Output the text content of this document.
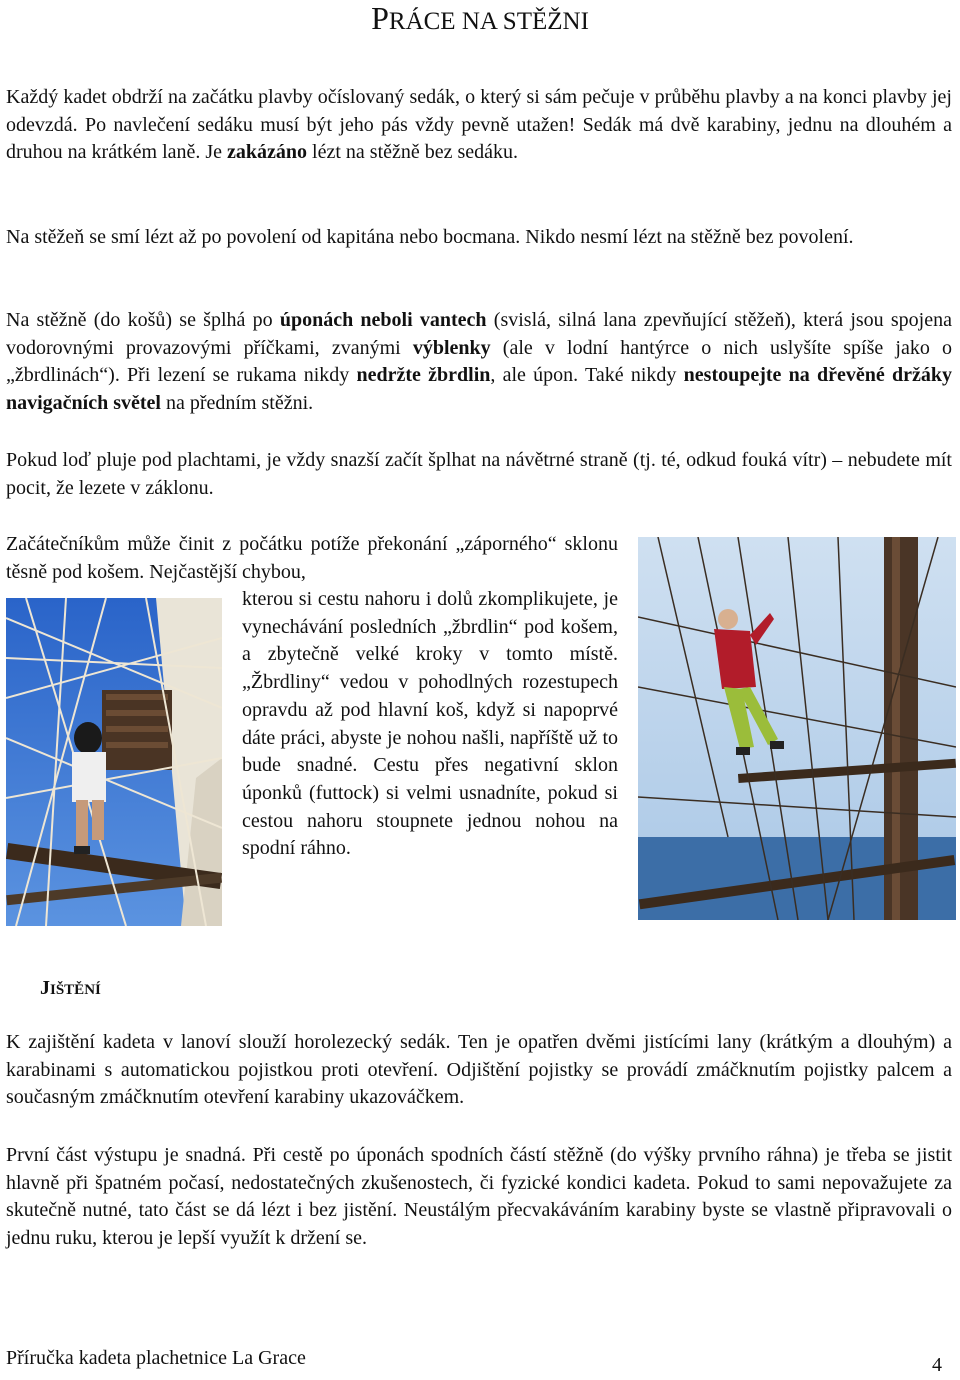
PRÁCE NA STĚŽNI

Každý kadet obdrží na začátku plavby očíslovaný sedák, o který si sám pečuje v průběhu plavby a na konci plavby jej odevzdá. Po navlečení sedáku musí být jeho pás vždy pevně utažen! Sedák má dvě karabiny, jednu na dlouhém a druhou na krátkém laně. Je zakázáno lézt na stěžně bez sedáku.

Na stěžeň se smí lézt až po povolení od kapitána nebo bocmana. Nikdo nesmí lézt na stěžně bez povolení.

Na stěžně (do košů) se šplhá po úponách neboli vantech (svislá, silná lana zpevňující stěžeň), která jsou spojena vodorovnými provazovými příčkami, zvanými výblenky (ale v lodní hantýrce o nich uslyšíte spíše jako o „žbrdlinách“). Při lezení se rukama nikdy nedržte žbrdlin, ale úpon. Také nikdy nestoupejte na dřevěné držáky navigačních světel na předním stěžni.

Pokud loď pluje pod plachtami, je vždy snazší začít šplhat na návětrné straně (tj. té, odkud fouká vítr) – nebudete mít pocit, že lezete v záklonu.

Začátečníkům může činit z počátku potíže překonání „záporného“ sklonu těsně pod košem. Nejčastější chybou,

kterou si cestu nahoru i dolů zkomplikujete, je vynechávání posledních „žbrdlin“ pod košem, a zbytečně velké kroky v tomto místě. „Žbrdliny“ vedou v pohodlných rozestupech opravdu až pod hlavní koš, když si napoprvé dáte práci, abyste je nohou našli, napříště už to bude snadné. Cestu přes negativní sklon úponků (futtock) si velmi usnadníte, pokud si cestou nahoru stoupnete jednou nohou na spodní ráhno.

JIŠTĚNÍ

K zajištění kadeta v lanoví slouží horolezecký sedák. Ten je opatřen dvěmi jistícími lany (krátkým a dlouhým) a karabinami s automatickou pojistkou proti otevření. Odjištění pojistky se provádí zmáčknutím pojistky palcem a současným zmáčknutím otevření karabiny ukazováčkem.

První část výstupu je snadná. Při cestě po úponách spodních částí stěžně (do výšky prvního ráhna) je třeba se jistit hlavně při špatném počasí, nedostatečných zkušenostech, či fyzické kondici kadeta. Pokud to sami nepovažujete za skutečně nutné, tato část se dá lézt i bez jistění. Neustálým přecvakáváním karabiny byste se vlastně připravovali o jednu ruku, kterou je lepší využít k držení se.

Příručka kadeta plachetnice La Grace	4
